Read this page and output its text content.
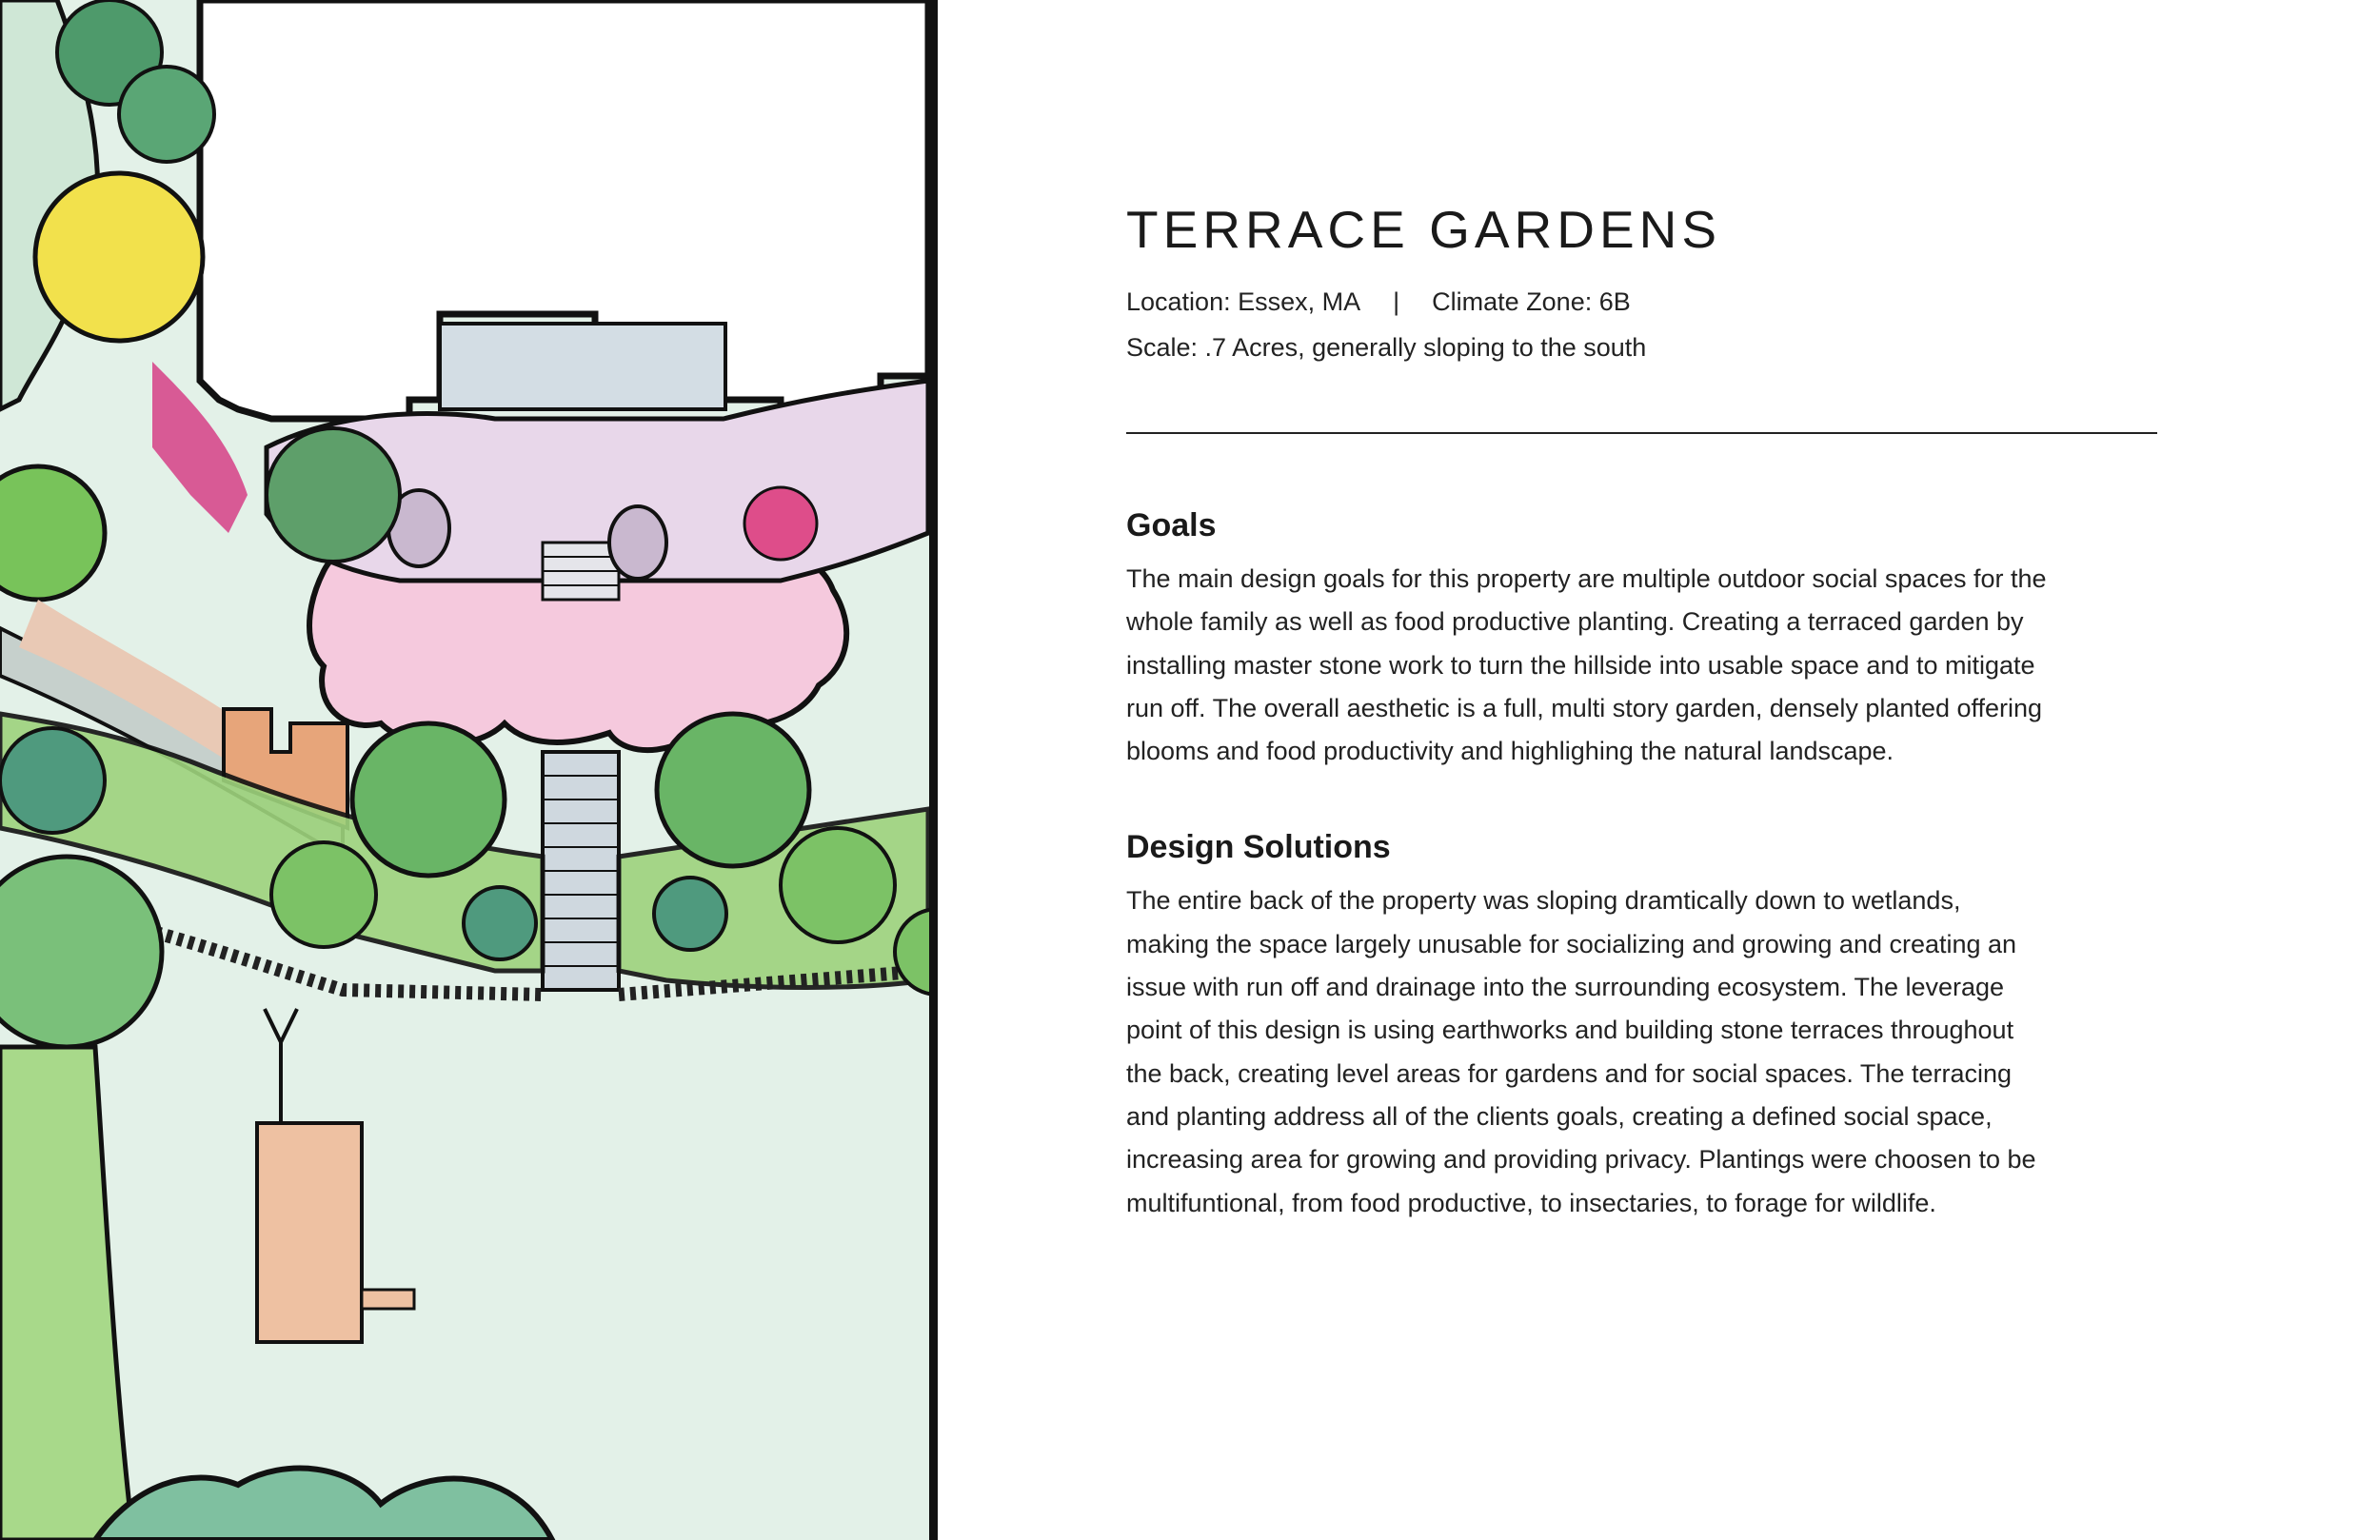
TERRACE GARDENS
Location: Essex, MA | Climate Zone: 6B
Scale: .7 Acres, generally sloping to the south
Goals
The main design goals for this property are multiple outdoor social spaces for the
whole family as well as food productive planting. Creating a terraced garden by
installing master stone work to turn the hillside into usable space and to mitigate
run off. The overall aesthetic is a full, multi story garden, densely planted offering
blooms and food productivity and highlighing the natural landscape.
Design Solutions
The entire back of the property was sloping dramtically down to wetlands,
making the space largely unusable for socializing and growing and creating an
issue with run off and drainage into the surrounding ecosystem. The leverage
point of this design is using earthworks and building stone terraces throughout
the back, creating level areas for gardens and for social spaces. The terracing
and planting address all of the clients goals, creating a defined social space,
increasing area for growing and providing privacy. Plantings were choosen to be
multifuntional, from food productive, to insectaries, to forage for wildlife.
